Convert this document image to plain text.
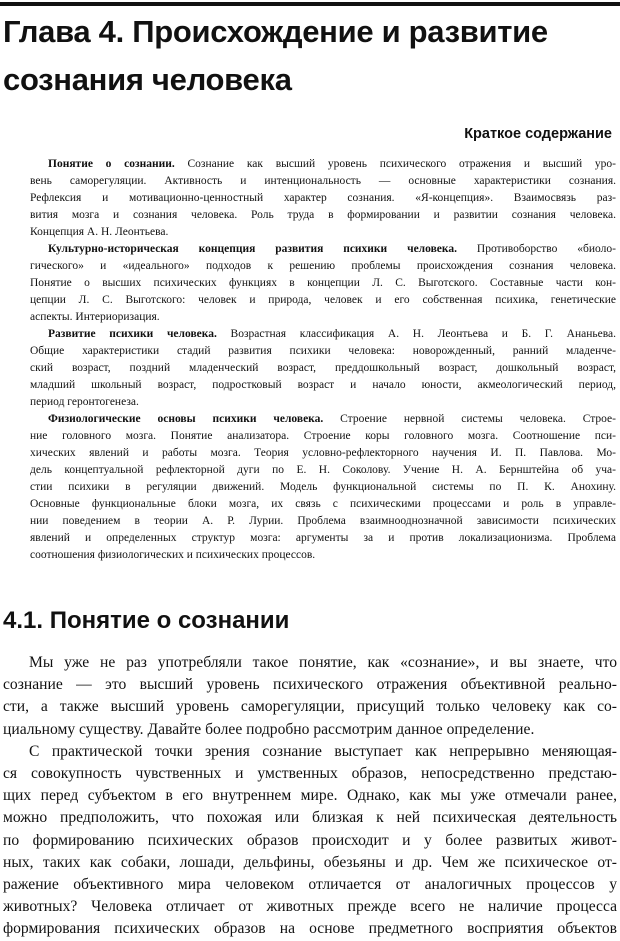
Глава 4. Происхождение и развитие
сознания человека
Краткое содержание
Понятие о сознании. Сознание как высший уровень психического отражения и высший уро-
вень саморегуляции. Активность и интенциональность — основные характеристики сознания.
Рефлексия и мотивационно-ценностный характер сознания. «Я-концепция». Взаимосвязь раз-
вития мозга и сознания человека. Роль труда в формировании и развитии сознания человека.
Концепция А. Н. Леонтьева.
Культурно-историческая концепция развития психики человека. Противоборство «биоло-
гического» и «идеального» подходов к решению проблемы происхождения сознания человека.
Понятие о высших психических функциях в концепции Л. С. Выготского. Составные части кон-
цепции Л. С. Выготского: человек и природа, человек и его собственная психика, генетические
аспекты. Интериоризация.
Развитие психики человека. Возрастная классификация А. Н. Леонтьева и Б. Г. Ананьева.
Общие характеристики стадий развития психики человека: новорожденный, ранний младенче-
ский возраст, поздний младенческий возраст, преддошкольный возраст, дошкольный возраст,
младший школьный возраст, подростковый возраст и начало юности, акмеологический период,
период геронтогенеза.
Физиологические основы психики человека. Строение нервной системы человека. Строе-
ние головного мозга. Понятие анализатора. Строение коры головного мозга. Соотношение пси-
хических явлений и работы мозга. Теория условно-рефлекторного научения И. П. Павлова. Мо-
дель концептуальной рефлекторной дуги по Е. Н. Соколову. Учение Н. А. Бернштейна об уча-
стии психики в регуляции движений. Модель функциональной системы по П. К. Анохину.
Основные функциональные блоки мозга, их связь с психическими процессами и роль в управле-
нии поведением в теории А. Р. Лурии. Проблема взаимнооднозначной зависимости психических
явлений и определенных структур мозга: аргументы за и против локализационизма. Проблема
соотношения физиологических и психических процессов.
4.1. Понятие о сознании
Мы уже не раз употребляли такое понятие, как «сознание», и вы знаете, что
сознание — это высший уровень психического отражения объективной реально-
сти, а также высший уровень саморегуляции, присущий только человеку как со-
циальному существу. Давайте более подробно рассмотрим данное определение.
С практической точки зрения сознание выступает как непрерывно меняющая-
ся совокупность чувственных и умственных образов, непосредственно предстаю-
щих перед субъектом в его внутреннем мире. Однако, как мы уже отмечали ранее,
можно предположить, что похожая или близкая к ней психическая деятельность
по формированию психических образов происходит и у более развитых живот-
ных, таких как собаки, лошади, дельфины, обезьяны и др. Чем же психическое от-
ражение объективного мира человеком отличается от аналогичных процессов у
животных? Человека отличает от животных прежде всего не наличие процесса
формирования психических образов на основе предметного восприятия объектов
